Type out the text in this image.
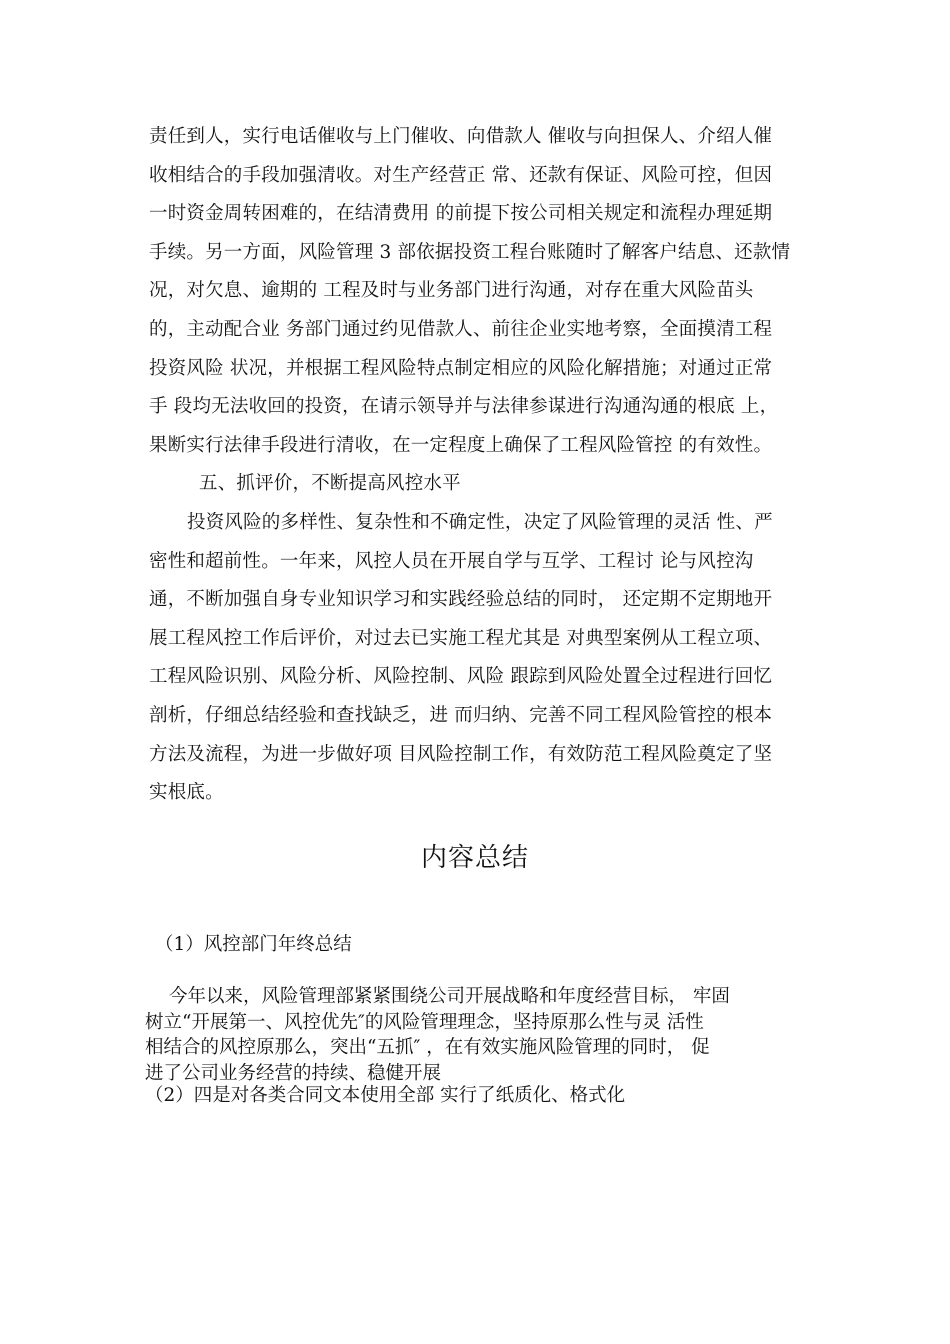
责任到人，实行电话催收与上门催收、向借款人 催收与向担保人、介绍人催
收相结合的手段加强清收。对生产经营正 常、还款有保证、风险可控，但因
一时资金周转困难的，在结清费用 的前提下按公司相关规定和流程办理延期
手续。另一方面，风险管理 3 部依据投资工程台账随时了解客户结息、还款情
况，对欠息、逾期的 工程及时与业务部门进行沟通，对存在重大风险苗头
的，主动配合业 务部门通过约见借款人、前往企业实地考察，全面摸清工程
投资风险 状况，并根据工程风险特点制定相应的风险化解措施；对通过正常
手 段均无法收回的投资，在请示领导并与法律参谋进行沟通沟通的根底 上，
果断实行法律手段进行清收，在一定程度上确保了工程风险管控 的有效性。
五、抓评价，不断提高风控水平
投资风险的多样性、复杂性和不确定性，决定了风险管理的灵活 性、严
密性和超前性。一年来，风控人员在开展自学与互学、工程讨 论与风控沟
通，不断加强自身专业知识学习和实践经验总结的同时， 还定期不定期地开
展工程风控工作后评价，对过去已实施工程尤其是 对典型案例从工程立项、
工程风险识别、风险分析、风险控制、风险 跟踪到风险处置全过程进行回忆
剖析，仔细总结经验和查找缺乏，进 而归纳、完善不同工程风险管控的根本
方法及流程，为进一步做好项 目风险控制工作，有效防范工程风险奠定了坚
实根底。
内容总结
（1）风控部门年终总结
今年以来，风险管理部紧紧围绕公司开展战略和年度经营目标， 牢固
树立“开展第一、风控优先″的风险管理理念，坚持原那么性与灵 活性
相结合的风控原那么，突出“五抓″ ，在有效实施风险管理的同时， 促
进了公司业务经营的持续、稳健开展
（2）四是对各类合同文本使用全部 实行了纸质化、格式化
